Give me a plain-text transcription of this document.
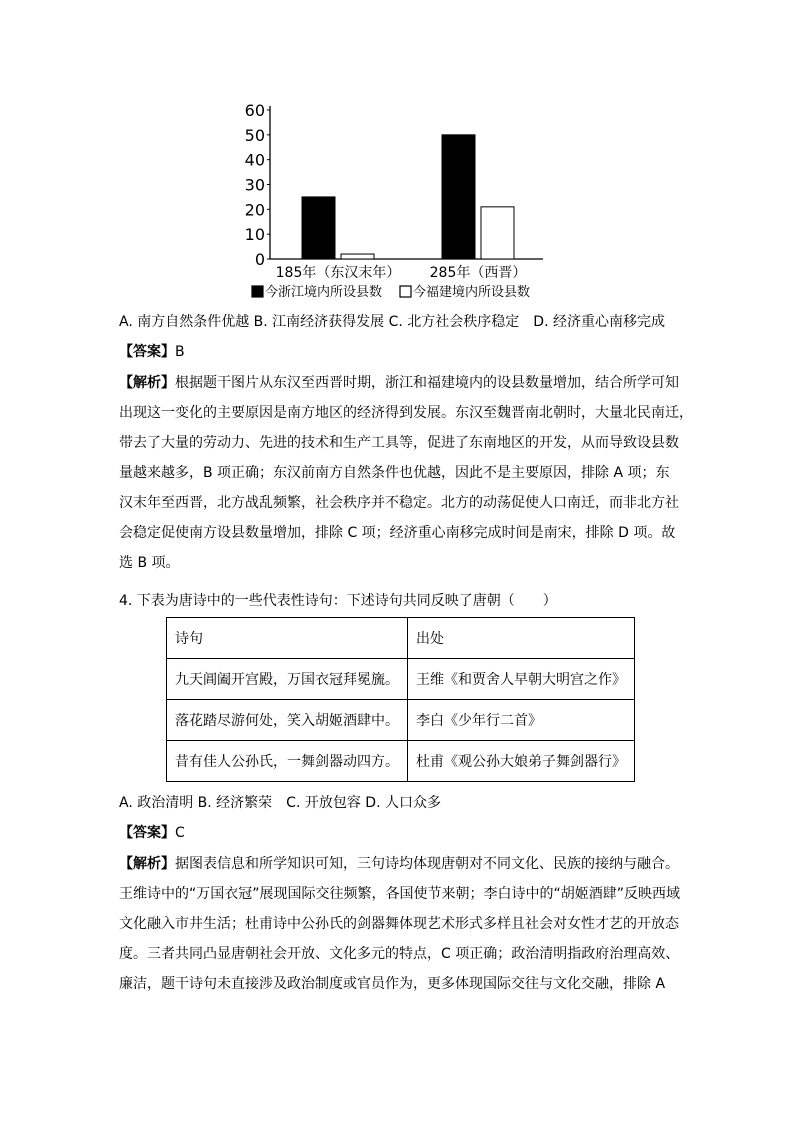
0
10
20
30
40
50
60
185年（东汉末年） 285年（西晋）
今浙江境内所设县数 今福建境内所设县数

A. 南方自然条件优越 B. 江南经济获得发展 C. 北方社会秩序稳定　D. 经济重心南移完成

【答案】B

【解析】根据题干图片从东汉至西晋时期，浙江和福建境内的设县数量增加，结合所学可知
出现这一变化的主要原因是南方地区的经济得到发展。东汉至魏晋南北朝时，大量北民南迁，
带去了大量的劳动力、先进的技术和生产工具等，促进了东南地区的开发，从而导致设县数
量越来越多，B 项正确；东汉前南方自然条件也优越，因此不是主要原因，排除 A 项；东
汉末年至西晋，北方战乱频繁，社会秩序并不稳定。北方的动荡促使人口南迁，而非北方社
会稳定促使南方设县数量增加，排除 C 项；经济重心南移完成时间是南宋，排除 D 项。故
选 B 项。

4. 下表为唐诗中的一些代表性诗句：下述诗句共同反映了唐朝（　　）

诗句	出处
九天阊阖开宫殿，万国衣冠拜冕旒。	王维《和贾舍人早朝大明宫之作》
落花踏尽游何处，笑入胡姬酒肆中。	李白《少年行二首》
昔有佳人公孙氏，一舞剑器动四方。	杜甫《观公孙大娘弟子舞剑器行》

A. 政治清明 B. 经济繁荣　C. 开放包容 D. 人口众多

【答案】C

【解析】据图表信息和所学知识可知，三句诗均体现唐朝对不同文化、民族的接纳与融合。
王维诗中的“万国衣冠”展现国际交往频繁，各国使节来朝；李白诗中的“胡姬酒肆”反映西域
文化融入市井生活；杜甫诗中公孙氏的剑器舞体现艺术形式多样且社会对女性才艺的开放态
度。三者共同凸显唐朝社会开放、文化多元的特点，C 项正确；政治清明指政府治理高效、
廉洁，题干诗句未直接涉及政治制度或官员作为，更多体现国际交往与文化交融，排除 A
